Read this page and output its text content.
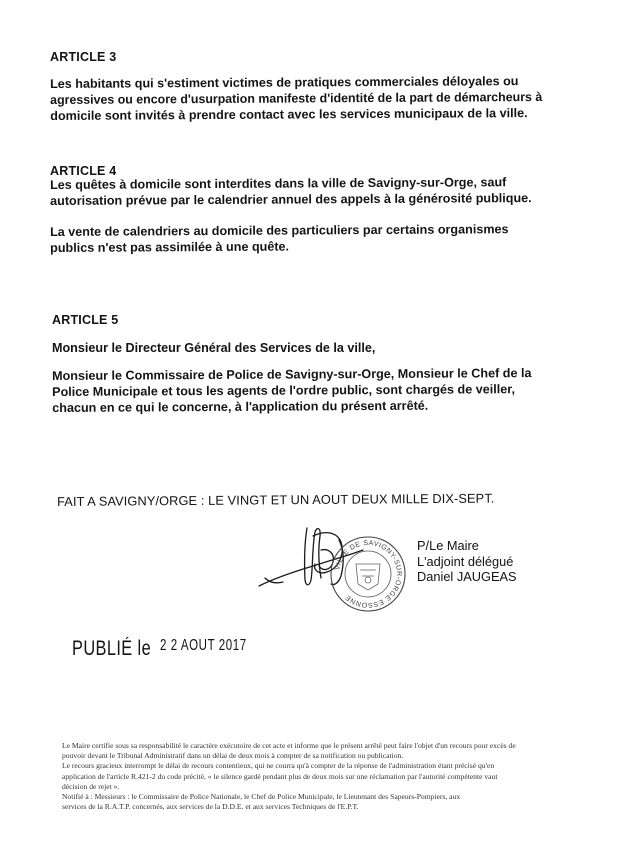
ARTICLE 3
Les habitants qui s'estiment victimes de pratiques commerciales déloyales ou
agressives ou encore d'usurpation manifeste d'identité de la part de démarcheurs à
domicile sont invités à prendre contact avec les services municipaux de la ville.
ARTICLE 4
Les quêtes à domicile sont interdites dans la ville de Savigny-sur-Orge, sauf
autorisation prévue par le calendrier annuel des appels à la générosité publique.
La vente de calendriers au domicile des particuliers par certains organismes
publics n'est pas assimilée à une quête.
ARTICLE 5
Monsieur le Directeur Général des Services de la ville,
Monsieur le Commissaire de Police de Savigny-sur-Orge, Monsieur le Chef de la
Police Municipale et tous les agents de l'ordre public, sont chargés de veiller,
chacun en ce qui le concerne, à l'application du présent arrêté.
FAIT A SAVIGNY/ORGE : LE VINGT ET UN AOUT DEUX MILLE DIX-SEPT.
VILLE DE SAVIGNY-SUR-ORGE ESSONNE
P/Le Maire
L'adjoint délégué
Daniel JAUGEAS
PUBLIÉ le 2 2 AOUT 2017
Le Maire certifie sous sa responsabilité le caractère exécutoire de cet acte et informe que le présent arrêté peut faire l'objet d'un recours pour excès de
pouvoir devant le Tribunal Administratif dans un délai de deux mois à compter de sa notification ou publication.
Le recours gracieux interrompt le délai de recours contentieux, qui ne courra qu'à compter de la réponse de l'administration étant précisé qu'en
application de l'article R.421-2 du code précité, « le silence gardé pendant plus de deux mois sur une réclamation par l'autorité compétente vaut
décision de rejet ».
Notifié à : Messieurs : le Commissaire de Police Nationale, le Chef de Police Municipale, le Lieutenant des Sapeurs-Pompiers, aux
services de la R.A.T.P. concernés, aux services de la D.D.E. et aux services Techniques de l'E.P.T.
